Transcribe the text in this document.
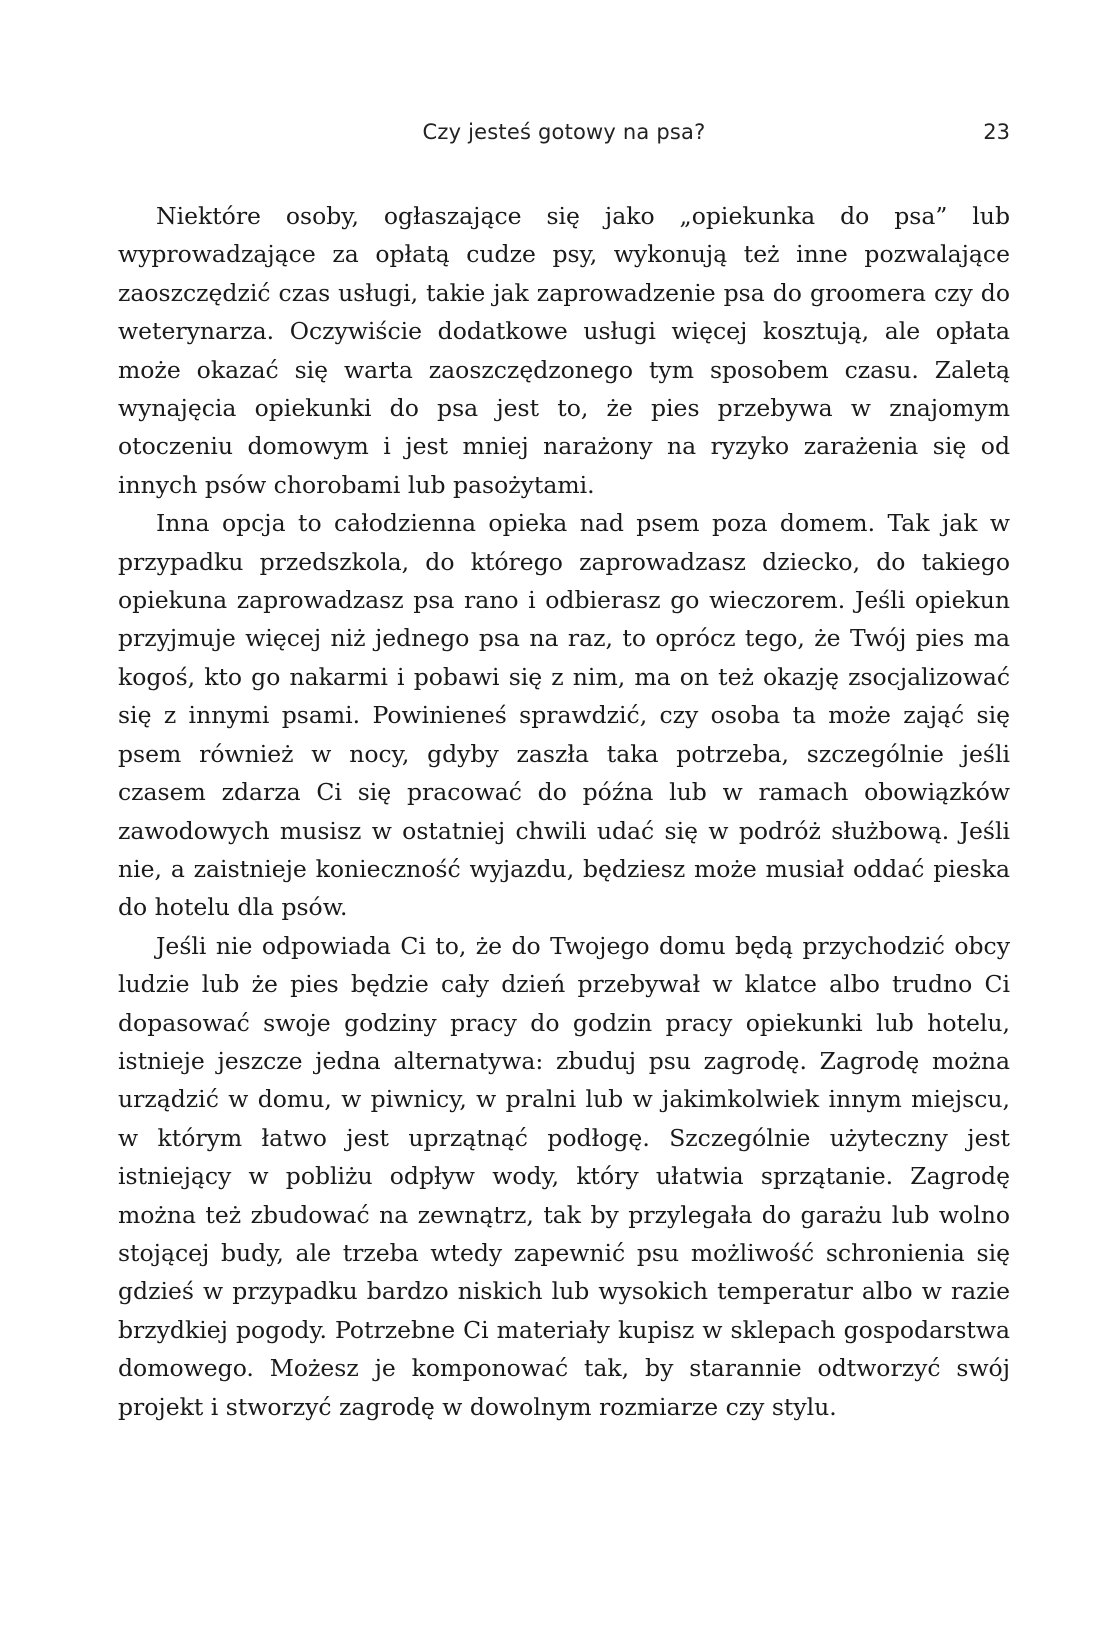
Czy jesteś gotowy na psa?	23

Niektóre osoby, ogłaszające się jako „opiekunka do psa” lub wyprowadzające za opłatą cudze psy, wykonują też inne pozwalające zaoszczędzić czas usługi, takie jak zaprowadzenie psa do groomera czy do weterynarza. Oczywiście dodatkowe usługi więcej kosztują, ale opłata może okazać się warta zaoszczędzonego tym sposobem czasu. Zaletą wynajęcia opiekunki do psa jest to, że pies przebywa w znajomym otoczeniu domowym i jest mniej narażony na ryzyko zarażenia się od innych psów chorobami lub pasożytami.

Inna opcja to całodzienna opieka nad psem poza domem. Tak jak w przypadku przedszkola, do którego zaprowadzasz dziecko, do takiego opiekuna zaprowadzasz psa rano i odbierasz go wieczorem. Jeśli opiekun przyjmuje więcej niż jednego psa na raz, to oprócz tego, że Twój pies ma kogoś, kto go nakarmi i pobawi się z nim, ma on też okazję zsocjalizować się z innymi psami. Powinieneś sprawdzić, czy osoba ta może zająć się psem również w nocy, gdyby zaszła taka potrzeba, szczególnie jeśli czasem zdarza Ci się pracować do późna lub w ramach obowiązków zawodowych musisz w ostatniej chwili udać się w podróż służbową. Jeśli nie, a zaistnieje konieczność wyjazdu, będziesz może musiał oddać pieska do hotelu dla psów.

Jeśli nie odpowiada Ci to, że do Twojego domu będą przychodzić obcy ludzie lub że pies będzie cały dzień przebywał w klatce albo trudno Ci dopasować swoje godziny pracy do godzin pracy opiekunki lub hotelu, istnieje jeszcze jedna alternatywa: zbuduj psu zagrodę. Zagrodę można urządzić w domu, w piwnicy, w pralni lub w jakimkolwiek innym miejscu, w którym łatwo jest uprzątnąć podłogę. Szczególnie użyteczny jest istniejący w pobliżu odpływ wody, który ułatwia sprzątanie. Zagrodę można też zbudować na zewnątrz, tak by przylegała do garażu lub wolno stojącej budy, ale trzeba wtedy zapewnić psu możliwość schronienia się gdzieś w przypadku bardzo niskich lub wysokich temperatur albo w razie brzydkiej pogody. Potrzebne Ci materiały kupisz w sklepach gospodarstwa domowego. Możesz je komponować tak, by starannie odtworzyć swój projekt i stworzyć zagrodę w dowolnym rozmiarze czy stylu.
